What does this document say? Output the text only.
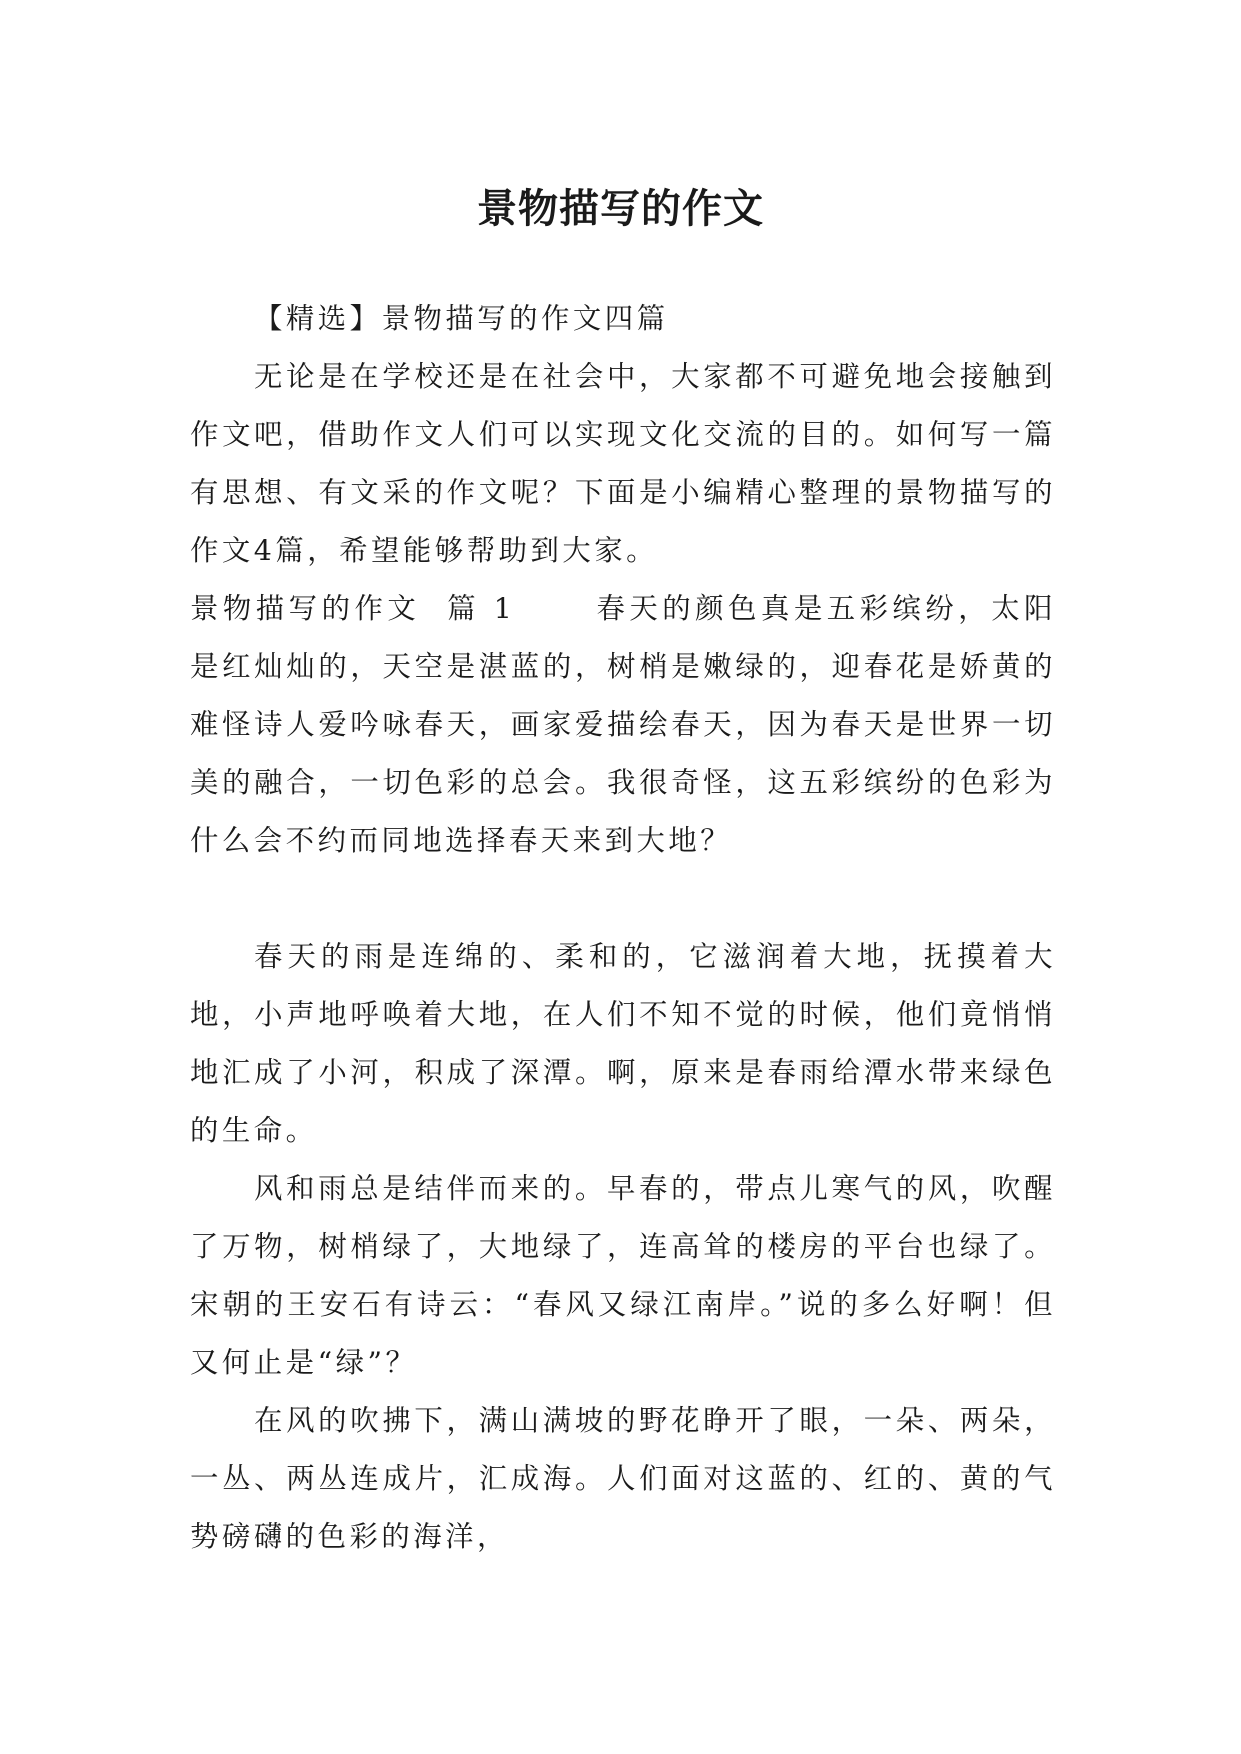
景物描写的作文

【精选】景物描写的作文四篇

无论是在学校还是在社会中，大家都不可避免地会接触到作文吧，借助作文人们可以实现文化交流的目的。如何写一篇有思想、有文采的作文呢？下面是小编精心整理的景物描写的作文4篇，希望能够帮助到大家。

景物描写的作文  篇 1	春天的颜色真是五彩缤纷，太阳是红灿灿的，天空是湛蓝的，树梢是嫩绿的，迎春花是娇黄的难怪诗人爱吟咏春天，画家爱描绘春天，因为春天是世界一切美的融合，一切色彩的总会。我很奇怪，这五彩缤纷的色彩为什么会不约而同地选择春天来到大地？

春天的雨是连绵的、柔和的，它滋润着大地，抚摸着大地，小声地呼唤着大地，在人们不知不觉的时候，他们竟悄悄地汇成了小河，积成了深潭。啊，原来是春雨给潭水带来绿色的生命。

风和雨总是结伴而来的。早春的，带点儿寒气的风，吹醒了万物，树梢绿了，大地绿了，连高耸的楼房的平台也绿了。宋朝的王安石有诗云：“春风又绿江南岸。”说的多么好啊！但又何止是“绿”？

在风的吹拂下，满山满坡的野花睁开了眼，一朵、两朵，一丛、两丛连成片，汇成海。人们面对这蓝的、红的、黄的气势磅礴的色彩的海洋，
